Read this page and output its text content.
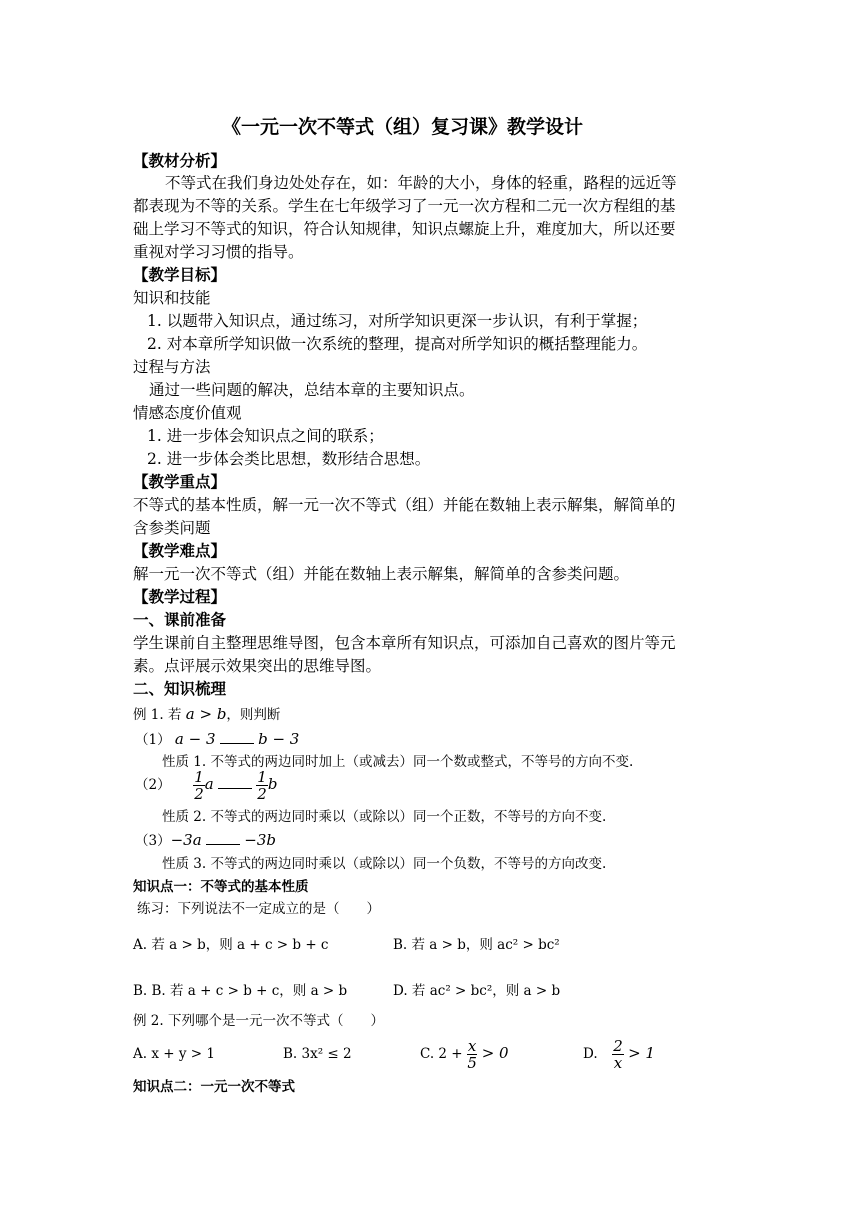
《一元一次不等式（组）复习课》教学设计
【教材分析】
不等式在我们身边处处存在，如：年龄的大小，身体的轻重，路程的远近等
都表现为不等的关系。学生在七年级学习了一元一次方程和二元一次方程组的基
础上学习不等式的知识，符合认知规律，知识点螺旋上升，难度加大，所以还要
重视对学习习惯的指导。
【教学目标】
知识和技能
1. 以题带入知识点，通过练习，对所学知识更深一步认识，有利于掌握；
2. 对本章所学知识做一次系统的整理，提高对所学知识的概括整理能力。
过程与方法
通过一些问题的解决，总结本章的主要知识点。
情感态度价值观
1. 进一步体会知识点之间的联系；
2. 进一步体会类比思想，数形结合思想。
【教学重点】
不等式的基本性质，解一元一次不等式（组）并能在数轴上表示解集，解简单的
含参类问题
【教学难点】
解一元一次不等式（组）并能在数轴上表示解集，解简单的含参类问题。
【教学过程】
一、课前准备
学生课前自主整理思维导图，包含本章所有知识点，可添加自己喜欢的图片等元
素。点评展示效果突出的思维导图。
二、知识梳理
例 1. 若 a > b，则判断
（1） a − 3	b − 3
性质 1. 不等式的两边同时加上（或减去）同一个数或整式，不等号的方向不变.
$(2) \frac{1}{2}$ a	$\frac{1}{2}$ b
性质 2. 不等式的两边同时乘以（或除以）同一个正数，不等号的方向不变.
（3）−3a	−3b
性质 3. 不等式的两边同时乘以（或除以）同一个负数，不等号的方向改变.
知识点一：不等式的基本性质
练习：下列说法不一定成立的是（　　）
A. 若 a > b，则 a + c > b + c	B. 若 a > b，则 ac² > bc²
B. B. 若 a + c > b + c，则 a > b	D. 若 ac² > bc²，则 a > b
例 2. 下列哪个是一元一次不等式（　　）
A. x + y > 1	B. 3x² ≤ 2	C. $2 + \frac{x}{5} > 0$	D. $\frac{2}{x} > 1$
知识点二：一元一次不等式
